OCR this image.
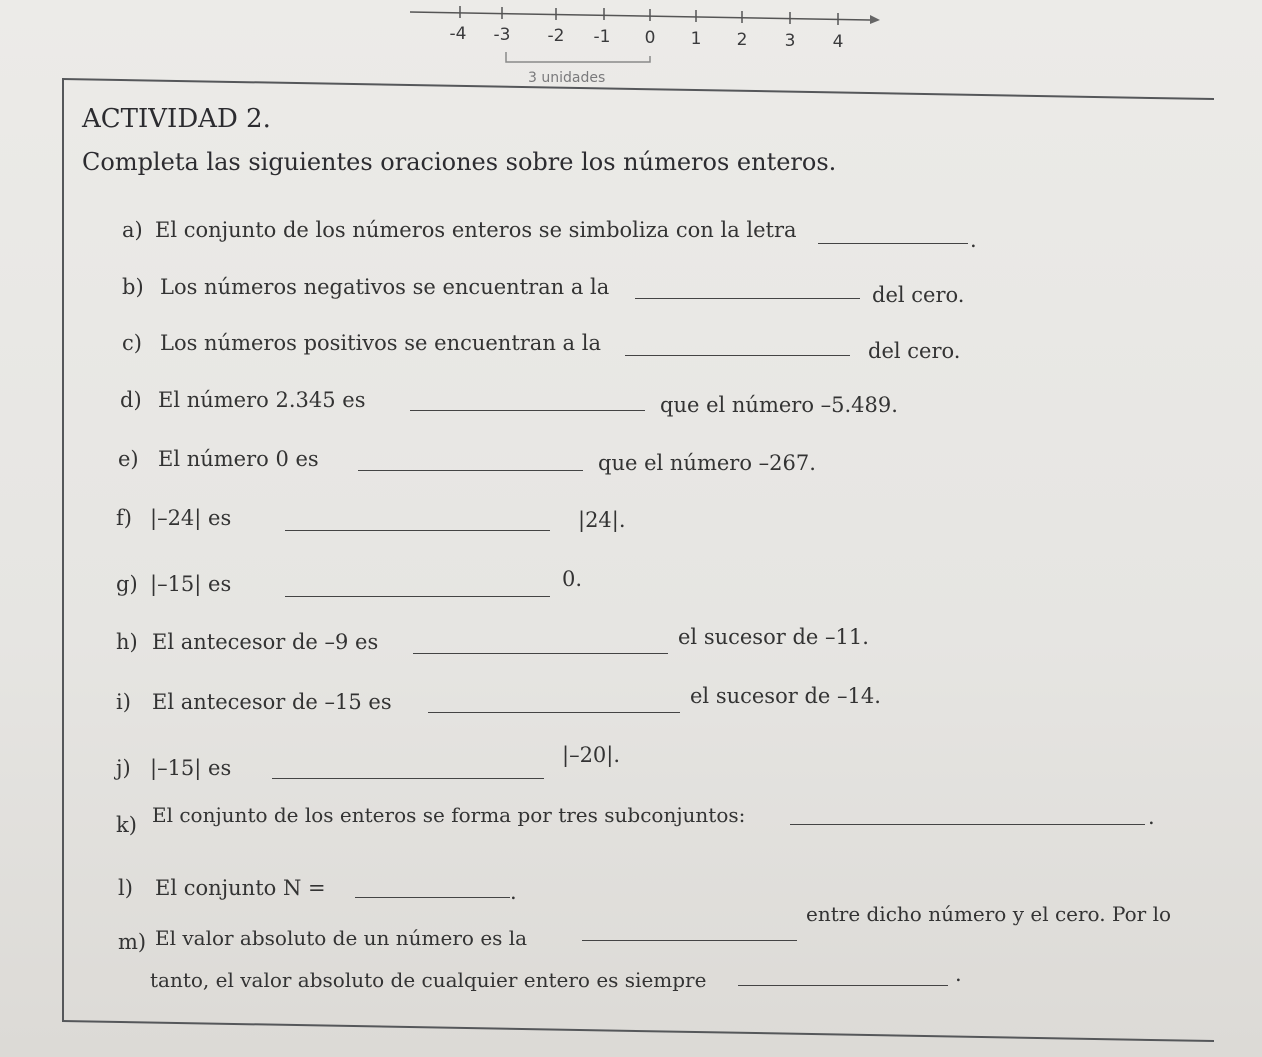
-4 -3 -2 -1 0 1 2 3 4
3 unidades
ACTIVIDAD 2.
Completa las siguientes oraciones sobre los números enteros.
a) El conjunto de los números enteros se simboliza con la letra	.
b) Los números negativos se encuentran a la	del cero.
c) Los números positivos se encuentran a la	del cero.
d) El número 2.345 es	que el número –5.489.
e) El número 0 es	que el número –267.
f) |–24| es	|24|.
g) |–15| es	0.
h) El antecesor de –9 es	el sucesor de –11.
i) El antecesor de –15 es	el sucesor de –14.
j) |–15| es
|–20|.
k) El conjunto de los enteros se forma por tres subconjuntos:	.
l) El conjunto N =	.
m) El valor absoluto de un número es la
entre dicho número y el cero. Por lo
tanto, el valor absoluto de cualquier entero es siempre	.
